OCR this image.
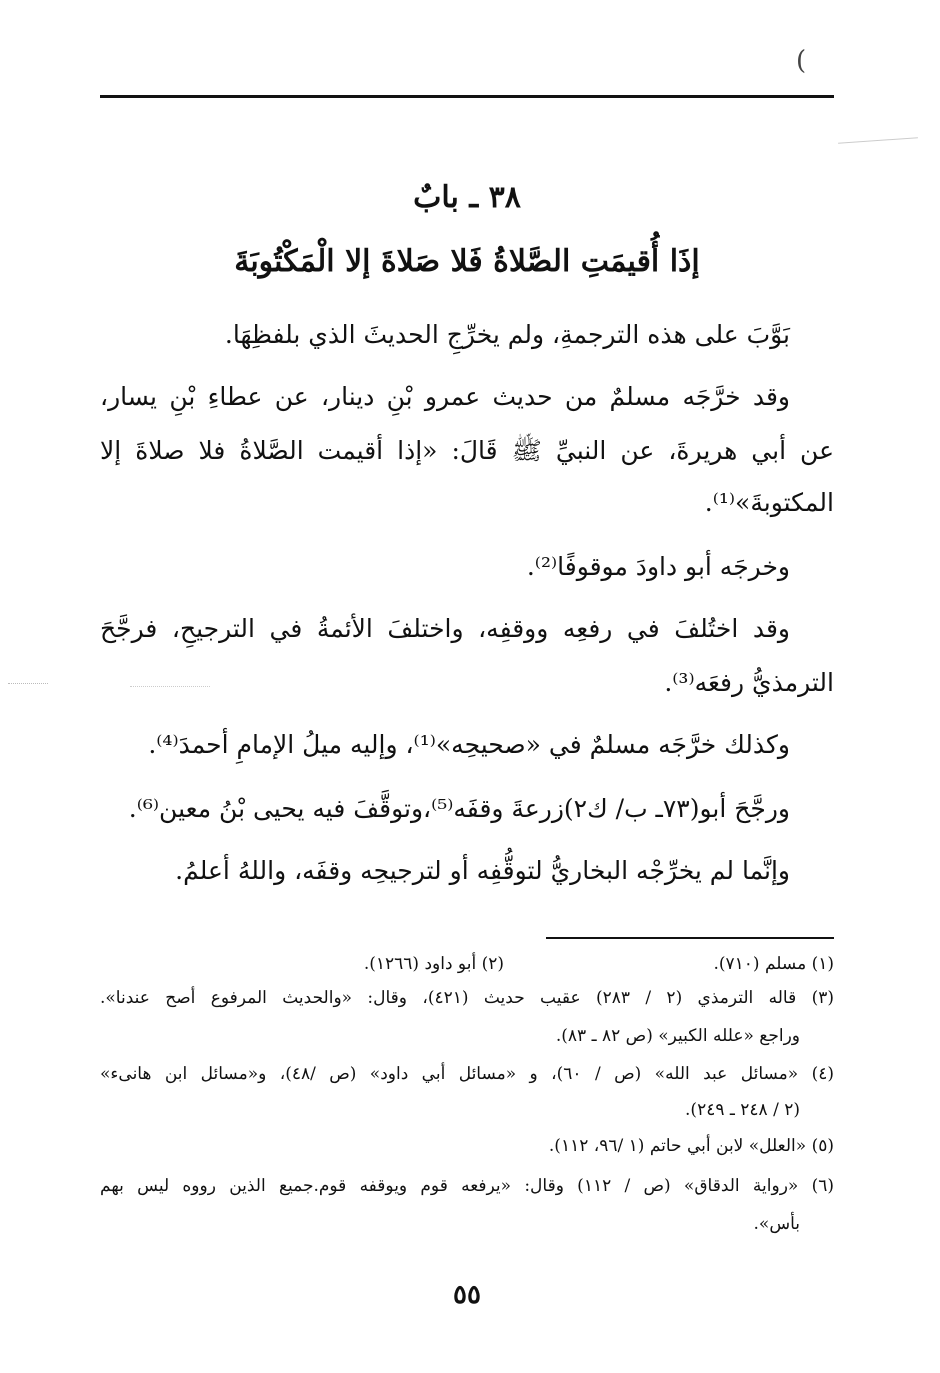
(
٣٨ ـ بابٌ
إذَا أُقيمَتِ الصَّلاةُ فَلا صَلاةَ إلا الْمَكْتُوبَةَ
بَوَّبَ على هذه الترجمةِ، ولم يخرِّجِ الحديثَ الذي بلفظِهَا.
وقد خرَّجَه مسلمٌ من حديث عمرو بْنِ دينار، عن عطاءِ بْنِ يسار،
عن أبي هريرةَ، عن النبيِّ ﷺ قَالَ: «إذا أقيمت الصَّلاةُ فلا صلاةَ إلا
المكتوبةَ»⁽¹⁾.
وخرجَه أبو داودَ موقوفًا⁽²⁾.
وقد اختُلفَ في رفعِه ووقفِه، واختلفَ الأئمةُ في الترجيحِ، فرجَّحَ
الترمذيُّ رفعَه⁽³⁾.
وكذلك خرَّجَه مسلمٌ في «صحيحِه»⁽¹⁾، وإليه ميلُ الإمامِ أحمدَ⁽⁴⁾.
ورجَّحَ أبو(٧٣ـ ب/ ك٢)زرعةَ وقفَه⁽⁵⁾،وتوقَّفَ فيه يحيى بْنُ معين⁽⁶⁾.
وإنَّما لم يخرِّجْه البخاريُّ لتوقُّفِه أو لترجيحِه وقفَه، واللهُ أعلمُ.
(١) مسلم (٧١٠).
(٢) أبو داود (١٢٦٦).
(٣) قاله الترمذي (٢ / ٢٨٣) عقيب حديث (٤٢١)، وقال: «والحديث المرفوع أصح عندنا».
وراجع «علله الكبير» (ص ٨٢ ـ ٨٣).
(٤) «مسائل عبد الله» (ص / ٦٠)، و «مسائل أبي داود» (ص /٤٨)، و«مسائل ابن هانىء»
(٢ / ٢٤٨ ـ ٢٤٩).
(٥) «العلل» لابن أبي حاتم (١ /٩٦، ١١٢).
(٦) «رواية الدقاق» (ص / ١١٢) وقال: «يرفعه قوم ويوقفه قوم.جميع الذين رووه ليس بهم
بأس».
٥٥
